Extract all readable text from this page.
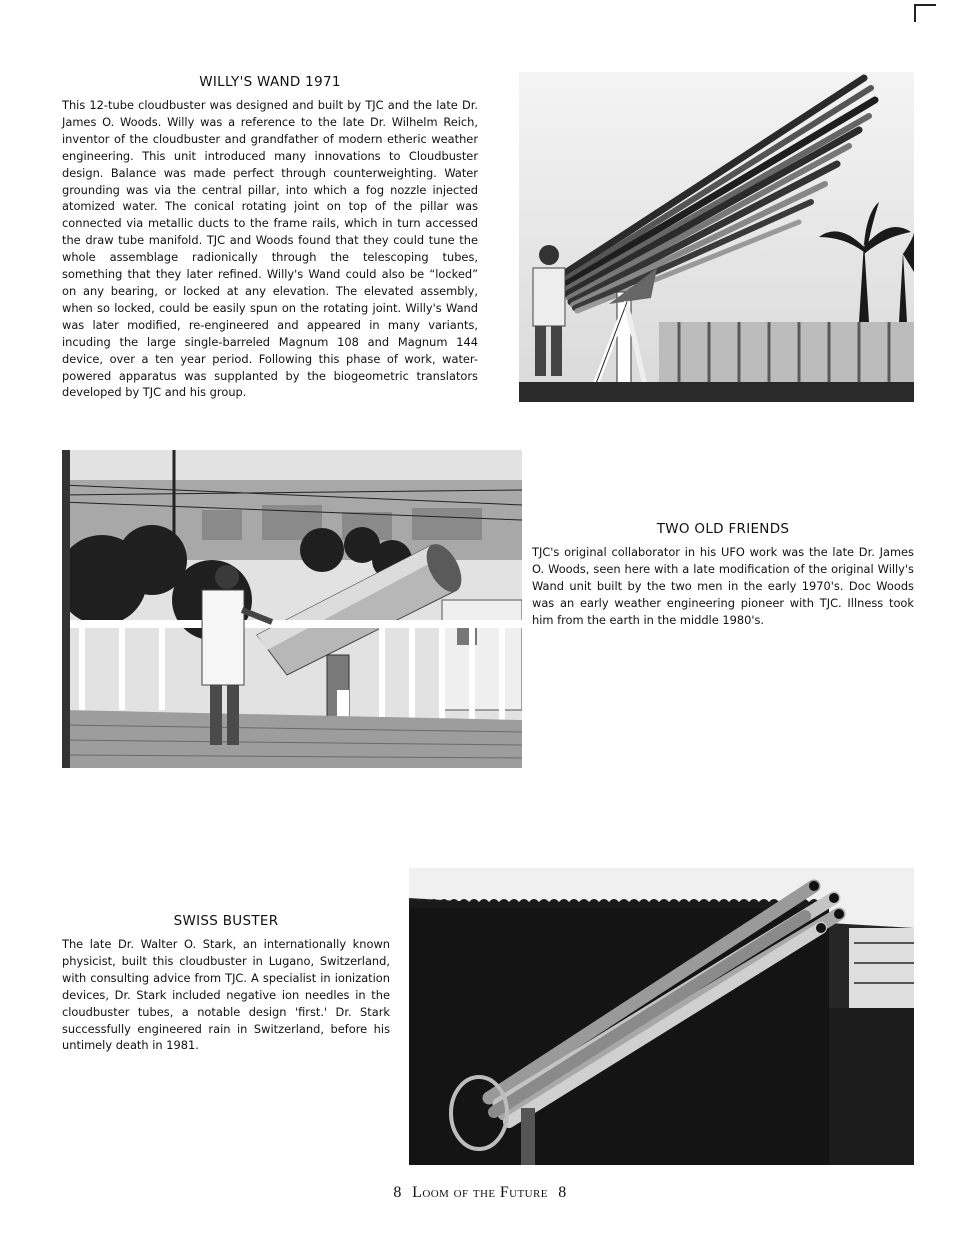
WILLY'S WAND 1971

This 12-tube cloudbuster was designed and built by TJC and the late Dr. James O. Woods. Willy was a reference to the late Dr. Wilhelm Reich, inventor of the cloudbuster and grandfather of modern etheric weather engineering. This unit introduced many innovations to Cloudbuster design. Balance was made perfect through counterweighting. Water grounding was via the central pillar, into which a fog nozzle injected atomized water. The conical rotating joint on top of the pillar was connected via metallic ducts to the frame rails, which in turn accessed the draw tube manifold. TJC and Woods found that they could tune the whole assemblage radionically through the telescoping tubes, something that they later refined. Willy's Wand could also be “locked” on any bearing, or locked at any elevation. The elevated assembly, when so locked, could be easily spun on the rotating joint. Willy's Wand was later modified, re-engineered and appeared in many variants, incuding the large single-barreled Magnum 108 and Magnum 144 device, over a ten year period. Following this phase of work, water-powered apparatus was supplanted by the biogeometric translators developed by TJC and his group.

TWO OLD FRIENDS

TJC's original collaborator in his UFO work was the late Dr. James O. Woods, seen here with a late modification of the original Willy's Wand unit built by the two men in the early 1970's. Doc Woods was an early weather engineering pioneer with TJC. Illness took him from the earth in the middle 1980's.

SWISS BUSTER

The late Dr. Walter O. Stark, an internationally known physicist, built this cloudbuster in Lugano, Switzerland, with consulting advice from TJC. A specialist in ionization devices, Dr. Stark included negative ion needles in the cloudbuster tubes, a notable design 'first.' Dr. Stark successfully engineered rain in Switzerland, before his untimely death in 1981.

8 Loom of the Future 8
